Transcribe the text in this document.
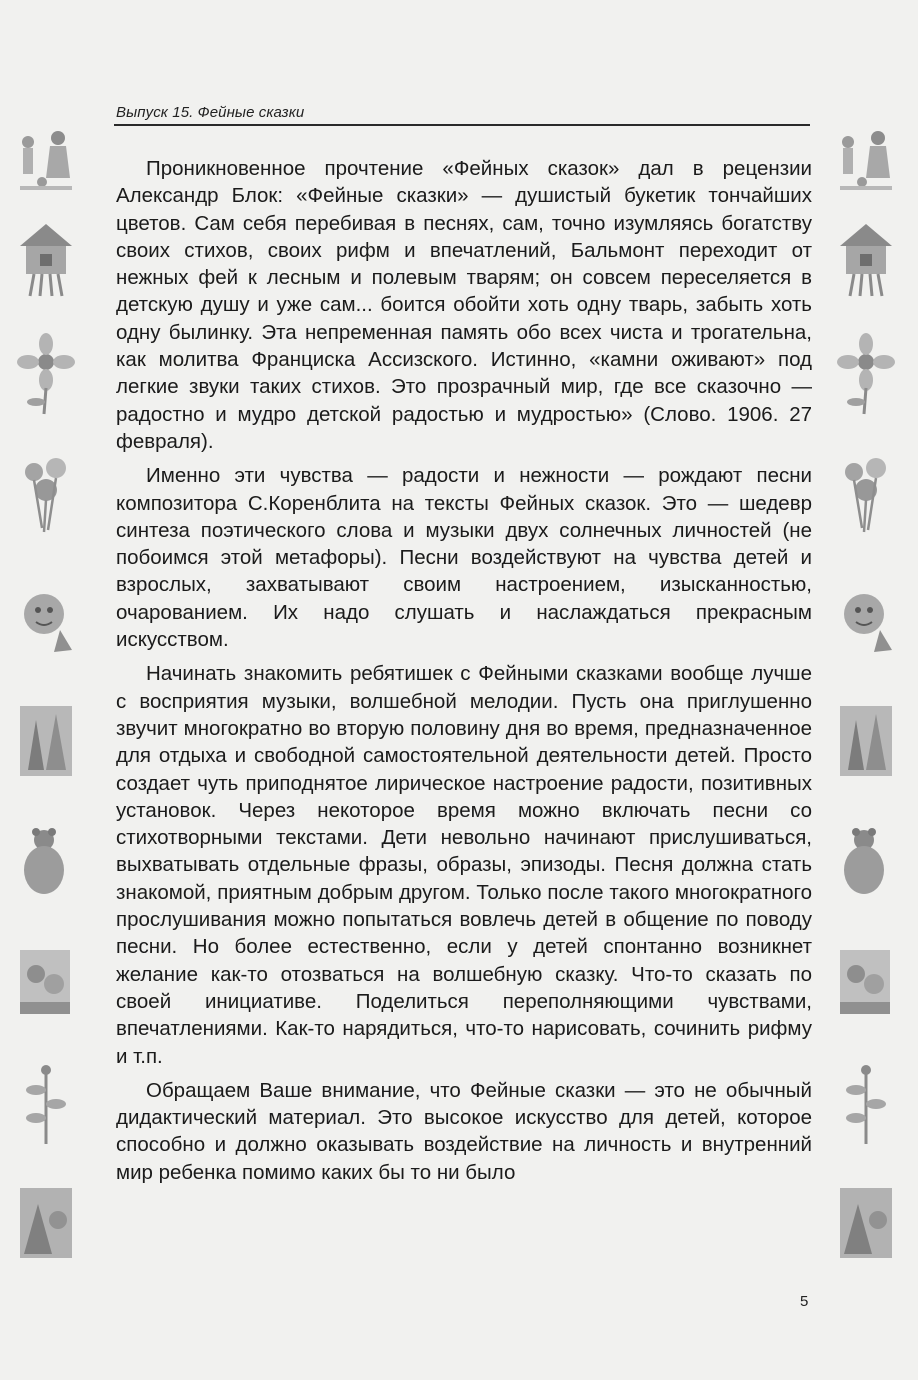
Выпуск 15. Фейные сказки

Проникновенное прочтение «Фейных сказок» дал в рецензии Александр Блок: «Фейные сказки» — душистый букетик тончайших цветов. Сам себя перебивая в песнях, сам, точно изумляясь богатству своих стихов, своих рифм и впечатлений, Бальмонт переходит от нежных фей к лесным и полевым тварям; он совсем переселяется в детскую душу и уже сам... боится обойти хоть одну тварь, забыть хоть одну былинку. Эта непременная память обо всех чиста и трогательна, как молитва Франциска Ассизского. Истинно, «камни оживают» под легкие звуки таких стихов. Это прозрачный мир, где все сказочно — радостно и мудро детской радостью и мудростью» (Слово. 1906. 27 февраля).

Именно эти чувства — радости и нежности — рождают песни композитора С.Коренблита на тексты Фейных сказок. Это — шедевр синтеза поэтического слова и музыки двух солнечных личностей (не побоимся этой метафоры). Песни воздействуют на чувства детей и взрослых, захватывают своим настроением, изысканностью, очарованием. Их надо слушать и наслаждаться прекрасным искусством.

Начинать знакомить ребятишек с Фейными сказками вообще лучше с восприятия музыки, волшебной мелодии. Пусть она приглушенно звучит многократно во вторую половину дня во время, предназначенное для отдыха и свободной самостоятельной деятельности детей. Просто создает чуть приподнятое лирическое настроение радости, позитивных установок. Через некоторое время можно включать песни со стихотворными текстами. Дети невольно начинают прислушиваться, выхватывать отдельные фразы, образы, эпизоды. Песня должна стать знакомой, приятным добрым другом. Только после такого многократного прослушивания можно попытаться вовлечь детей в общение по поводу песни. Но более естественно, если у детей спонтанно возникнет желание как-то отозваться на волшебную сказку. Что-то сказать по своей инициативе. Поделиться переполняющими чувствами, впечатлениями. Как-то нарядиться, что-то нарисовать, сочинить рифму и т.п.

Обращаем Ваше внимание, что Фейные сказки — это не обычный дидактический материал. Это высокое искусство для детей, которое способно и должно оказывать воздействие на личность и внутренний мир ребенка помимо каких бы то ни было

5
